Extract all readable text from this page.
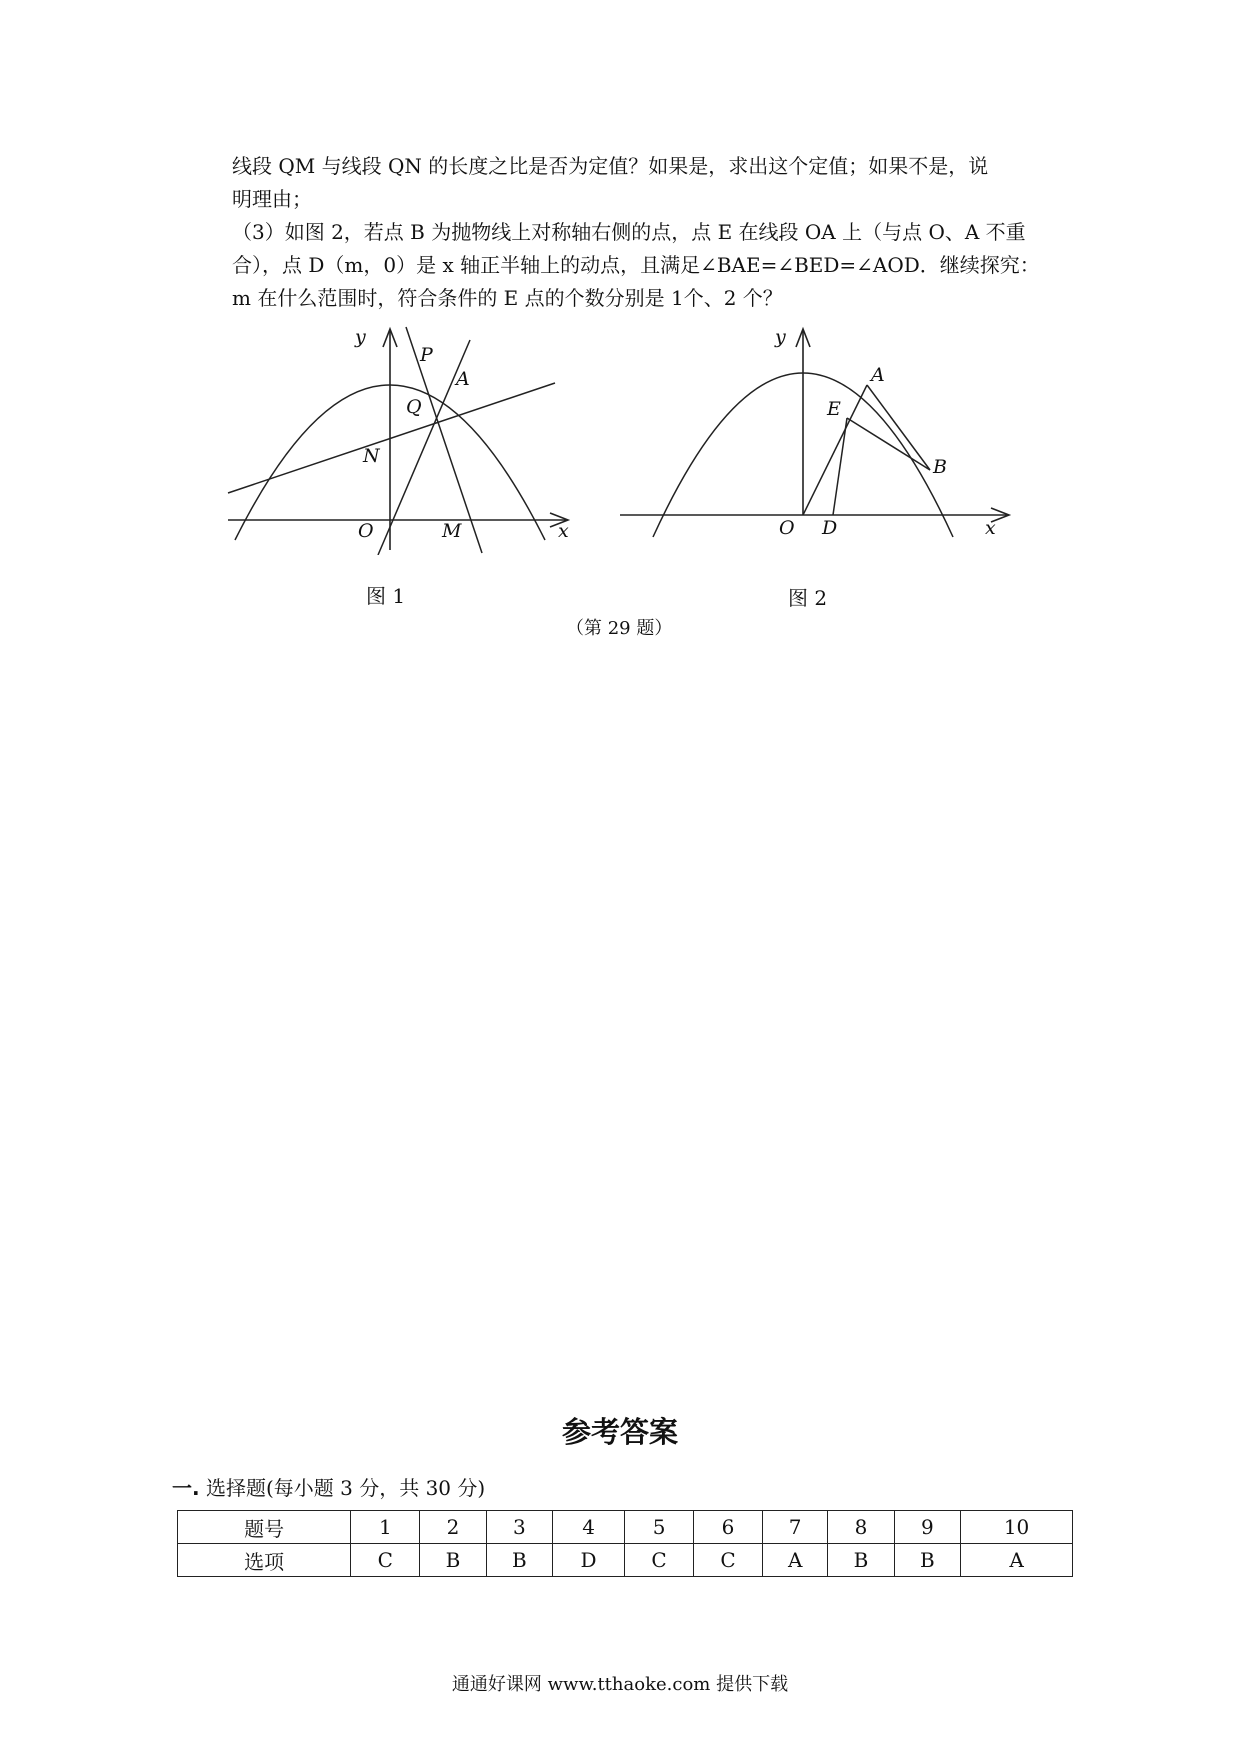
线段 QM 与线段 QN 的长度之比是否为定值？如果是，求出这个定值；如果不是，说
明理由；
（3）如图 2，若点 B 为抛物线上对称轴右侧的点，点 E 在线段 OA 上（与点 O、A 不重
合），点 D（m，0）是 x 轴正半轴上的动点，且满足∠BAE=∠BED=∠AOD．继续探究：
m 在什么范围时，符合条件的 E 点的个数分别是 1个、2 个？
y
P
A
Q
N
O	M	x
图 1
y
A
E
B
O D	x
图 2
（第 29 题）
参考答案
一. 选择题(每小题 3 分，共 30 分)
题号	1	2	3	4	5	6	7	8	9	10
选项	C	B	B	D	C	C	A	B	B	A
通通好课网 www.tthaoke.com 提供下载
